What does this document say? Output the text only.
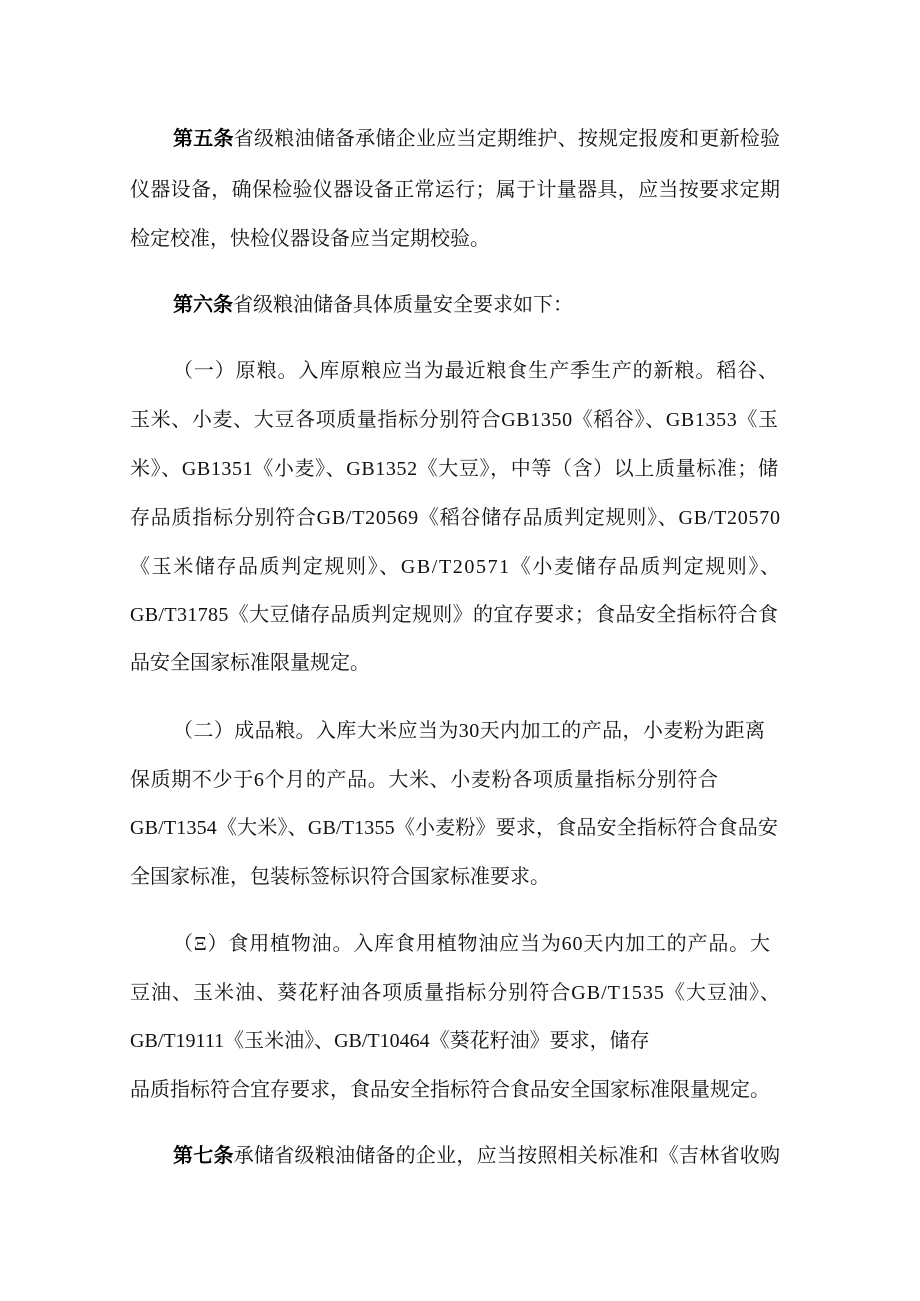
第五条省级粮油储备承储企业应当定期维护、按规定报废和更新检验
仪器设备，确保检验仪器设备正常运行；属于计量器具，应当按要求定期
检定校准，快检仪器设备应当定期校验。
第六条省级粮油储备具体质量安全要求如下：
（一）原粮。入库原粮应当为最近粮食生产季生产的新粮。稻谷、
玉米、小麦、大豆各项质量指标分别符合GB1350《稻谷》、GB1353《玉
米》、GB1351《小麦》、GB1352《大豆》，中等（含）以上质量标准；储
存品质指标分别符合GB/T20569《稻谷储存品质判定规则》、GB/T20570
《玉米储存品质判定规则》、GB/T20571《小麦储存品质判定规则》、
GB/T31785《大豆储存品质判定规则》的宜存要求；食品安全指标符合食
品安全国家标准限量规定。
（二）成品粮。入库大米应当为30天内加工的产品，小麦粉为距离
保质期不少于6个月的产品。大米、小麦粉各项质量指标分别符合
GB/T1354《大米》、GB/T1355《小麦粉》要求，食品安全指标符合食品安
全国家标准，包装标签标识符合国家标准要求。
（Ξ）食用植物油。入库食用植物油应当为60天内加工的产品。大
豆油、玉米油、葵花籽油各项质量指标分别符合GB/T1535《大豆油》、
GB/T19111《玉米油》、GB/T10464《葵花籽油》要求，储存
品质指标符合宜存要求，食品安全指标符合食品安全国家标准限量规定。
第七条承储省级粮油储备的企业，应当按照相关标准和《吉林省收购
